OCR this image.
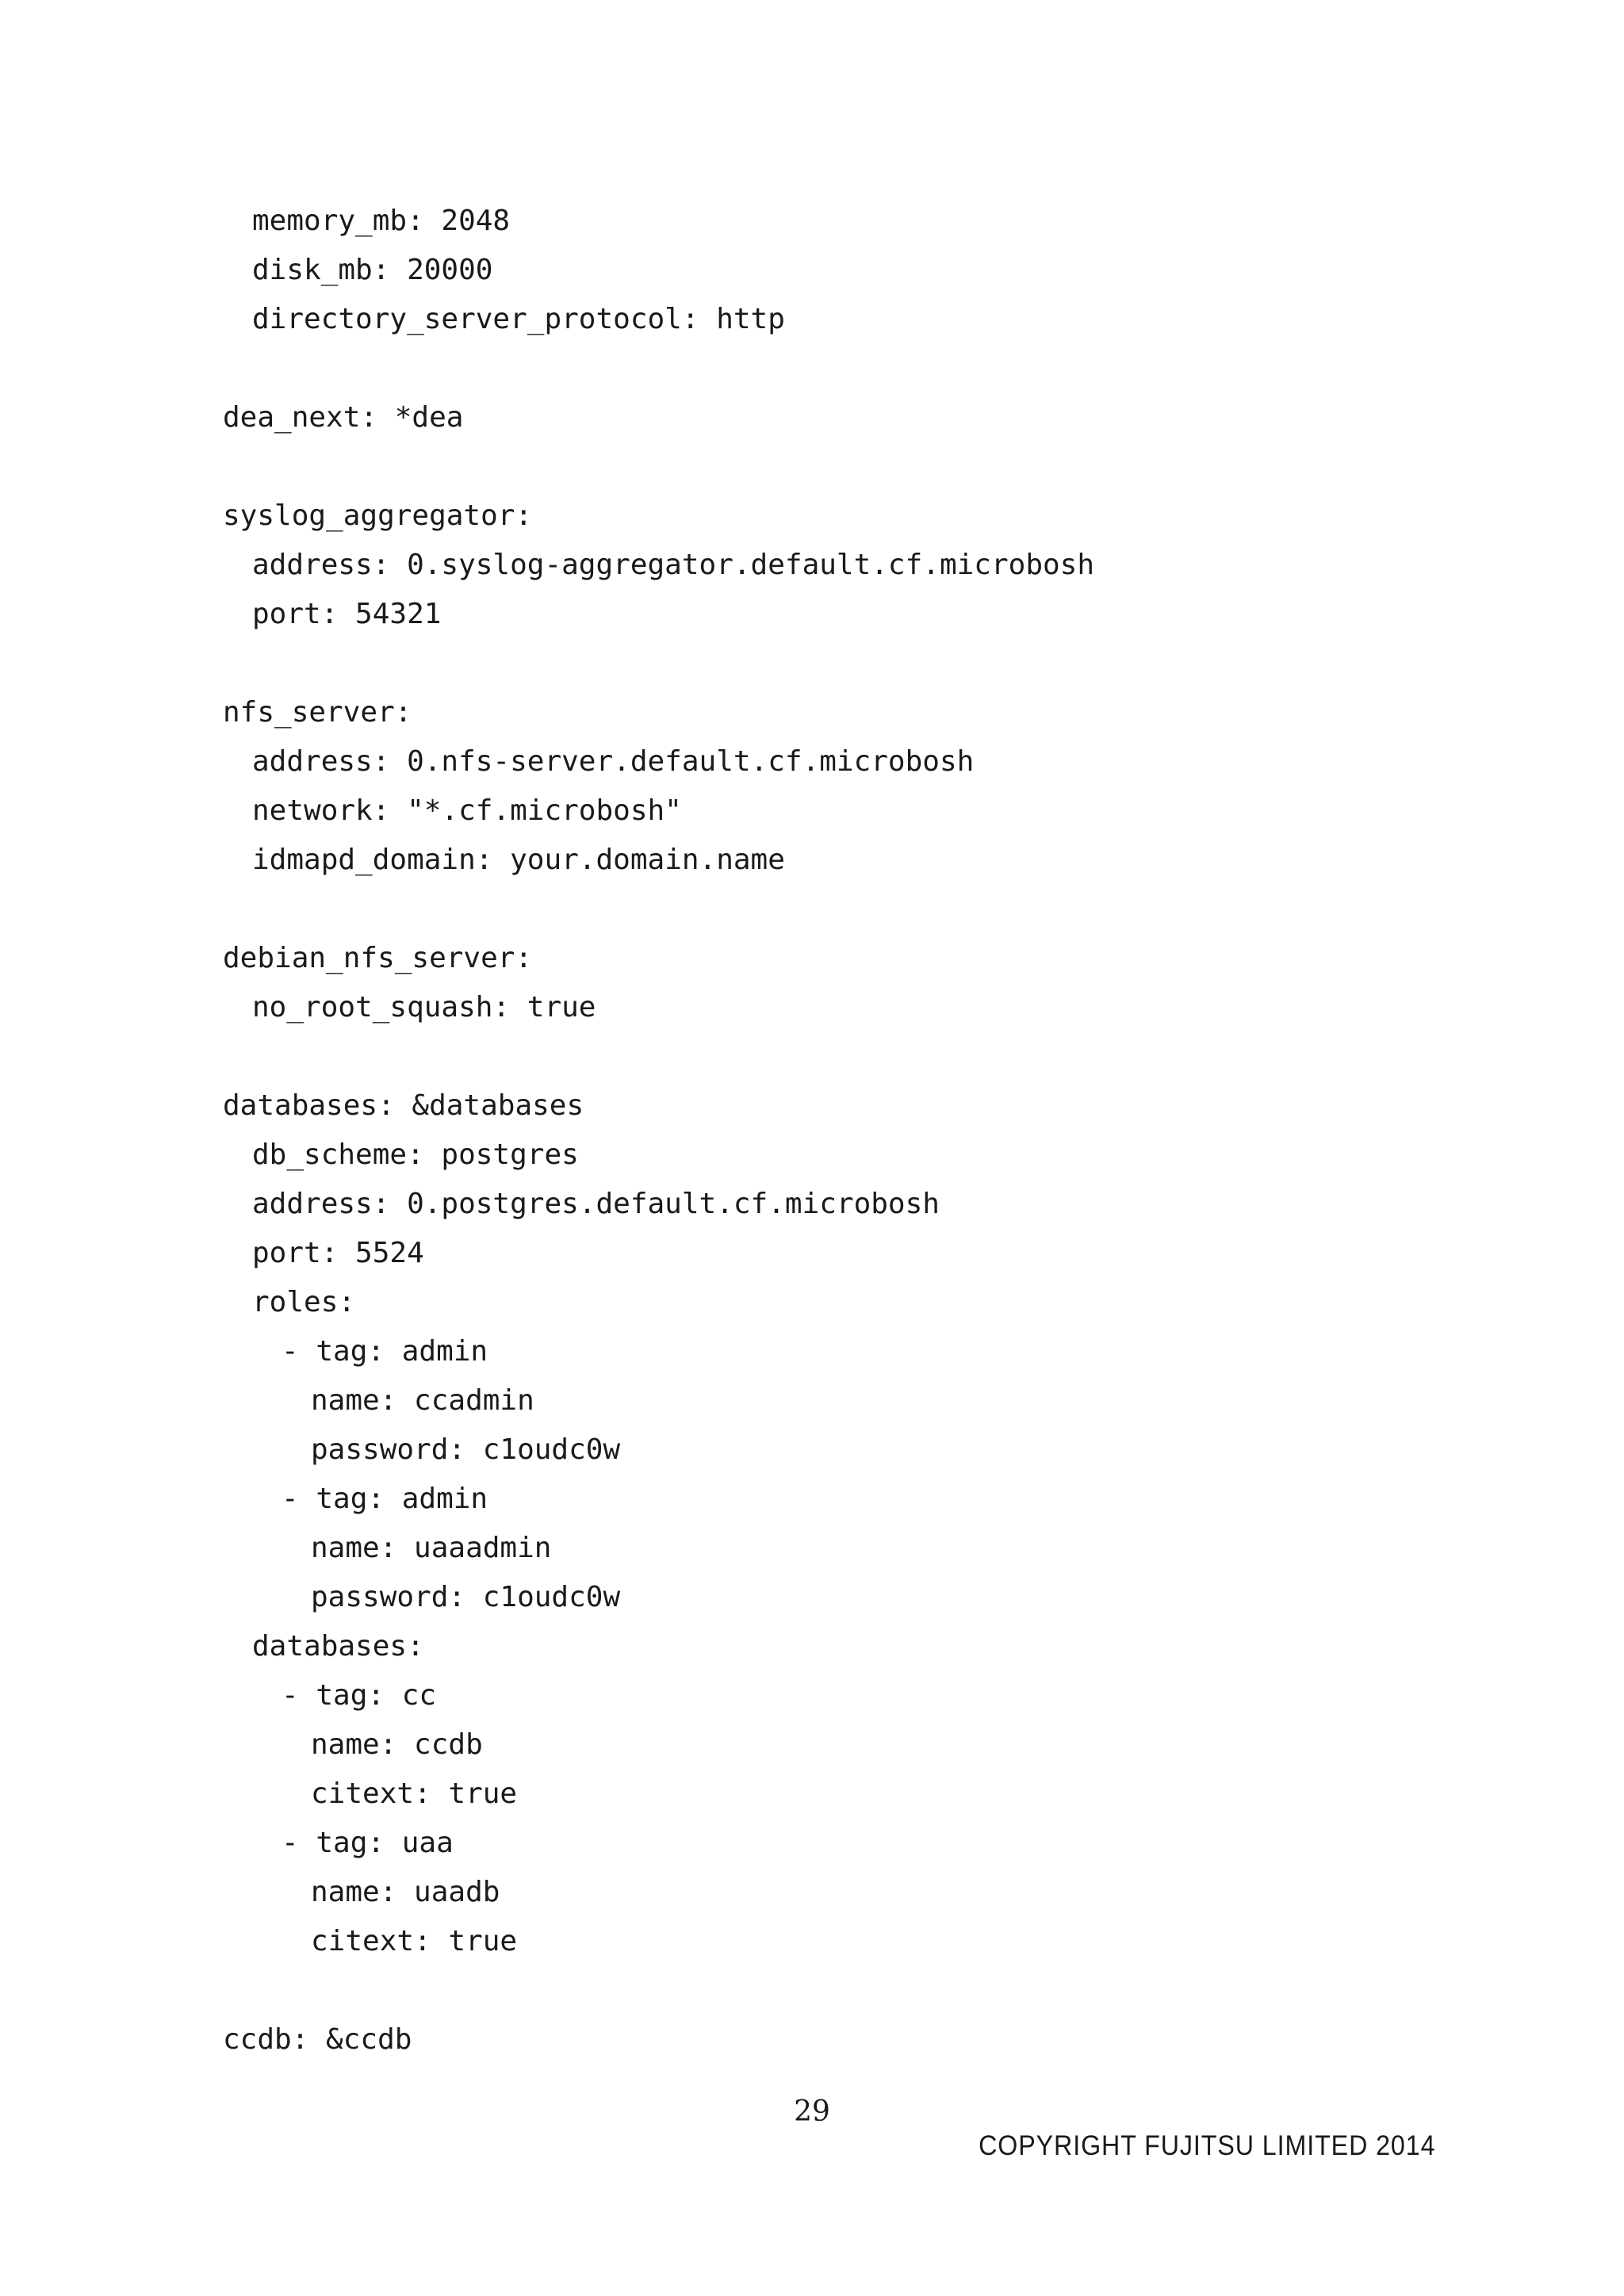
memory_mb: 2048
disk_mb: 20000
directory_server_protocol: http
dea_next: *dea
syslog_aggregator:
address: 0.syslog-aggregator.default.cf.microbosh
port: 54321
nfs_server:
address: 0.nfs-server.default.cf.microbosh
network: "*.cf.microbosh"
idmapd_domain: your.domain.name
debian_nfs_server:
no_root_squash: true
databases: &databases
db_scheme: postgres
address: 0.postgres.default.cf.microbosh
port: 5524
roles:
- tag: admin
name: ccadmin
password: c1oudc0w
- tag: admin
name: uaaadmin
password: c1oudc0w
databases:
- tag: cc
name: ccdb
citext: true
- tag: uaa
name: uaadb
citext: true
ccdb: &ccdb
29
COPYRIGHT FUJITSU LIMITED 2014
